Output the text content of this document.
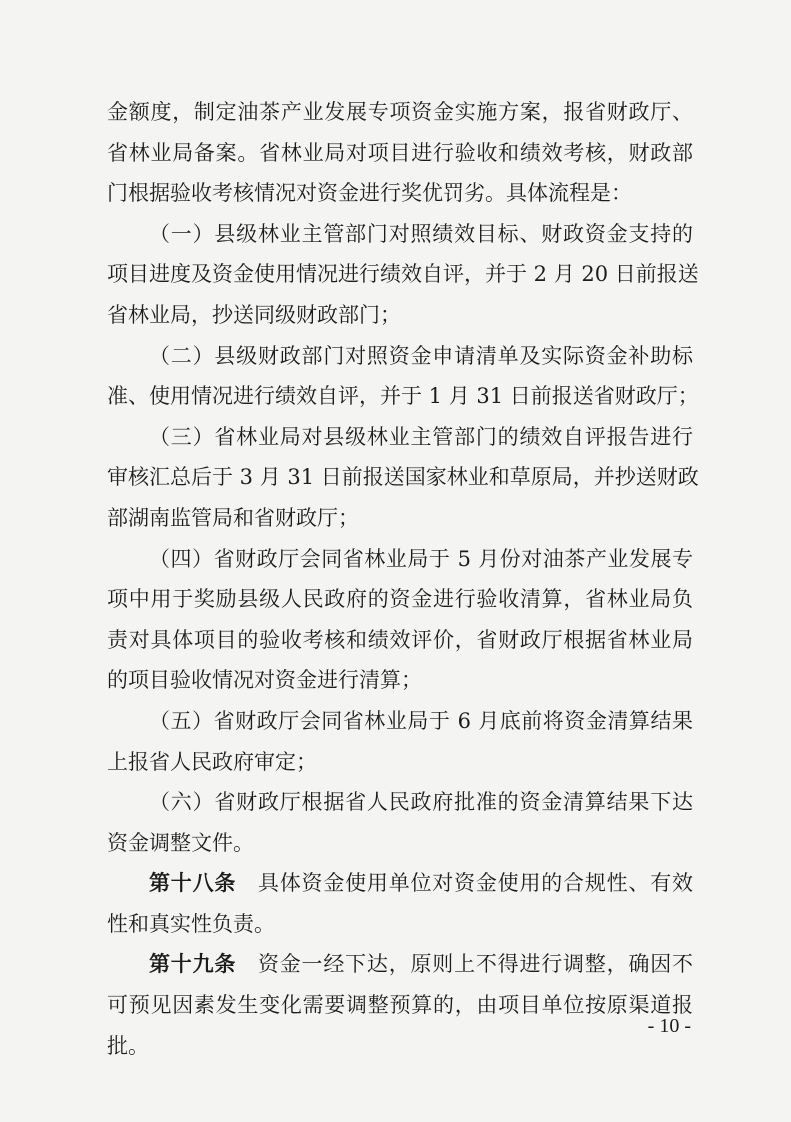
金额度，制定油茶产业发展专项资金实施方案，报省财政厅、
省林业局备案。省林业局对项目进行验收和绩效考核，财政部
门根据验收考核情况对资金进行奖优罚劣。具体流程是：
（一）县级林业主管部门对照绩效目标、财政资金支持的
项目进度及资金使用情况进行绩效自评，并于 2 月 20 日前报送
省林业局，抄送同级财政部门；
（二）县级财政部门对照资金申请清单及实际资金补助标
准、使用情况进行绩效自评，并于 1 月 31 日前报送省财政厅；
（三）省林业局对县级林业主管部门的绩效自评报告进行
审核汇总后于 3 月 31 日前报送国家林业和草原局，并抄送财政
部湖南监管局和省财政厅；
（四）省财政厅会同省林业局于 5 月份对油茶产业发展专
项中用于奖励县级人民政府的资金进行验收清算，省林业局负
责对具体项目的验收考核和绩效评价，省财政厅根据省林业局
的项目验收情况对资金进行清算；
（五）省财政厅会同省林业局于 6 月底前将资金清算结果
上报省人民政府审定；
（六）省财政厅根据省人民政府批准的资金清算结果下达
资金调整文件。
第十八条　 具体资金使用单位对资金使用的合规性、有效
性和真实性负责。
第十九条　 资金一经下达，原则上不得进行调整，确因不
可预见因素发生变化需要调整预算的，由项目单位按原渠道报
批。
- 10 -
